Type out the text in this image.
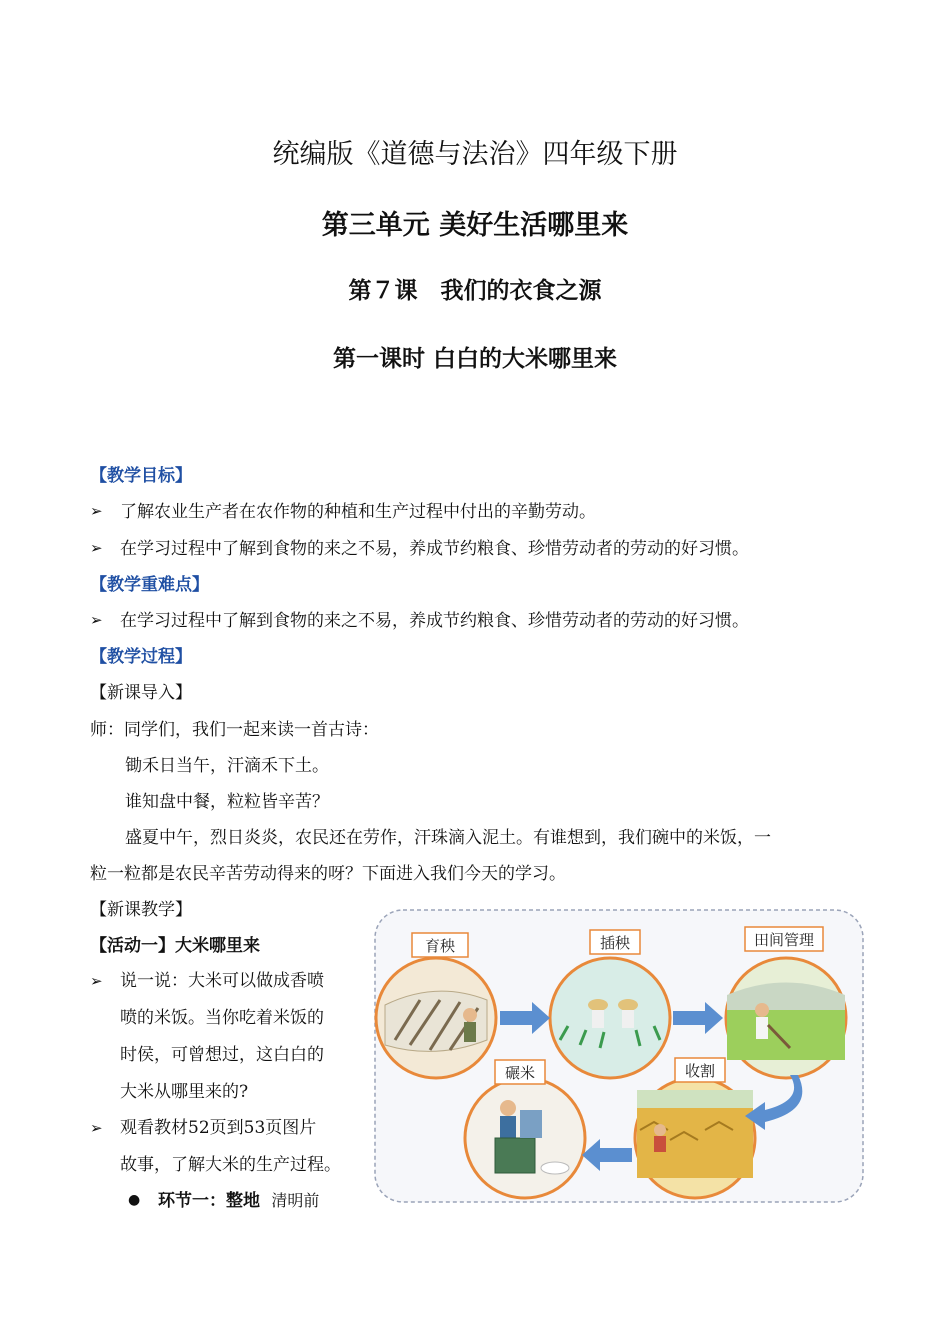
统编版《道德与法治》四年级下册
第三单元 美好生活哪里来
第７课　我们的衣食之源
第一课时 白白的大米哪里来
【教学目标】
➢ 了解农业生产者在农作物的种植和生产过程中付出的辛勤劳动。
➢ 在学习过程中了解到食物的来之不易，养成节约粮食、珍惜劳动者的劳动的好习惯。
【教学重难点】
➢ 在学习过程中了解到食物的来之不易，养成节约粮食、珍惜劳动者的劳动的好习惯。
【教学过程】
【新课导入】
师：同学们，我们一起来读一首古诗：
锄禾日当午，汗滴禾下土。
谁知盘中餐，粒粒皆辛苦？
盛夏中午，烈日炎炎，农民还在劳作，汗珠滴入泥土。有谁想到，我们碗中的米饭，一
粒一粒都是农民辛苦劳动得来的呀？下面进入我们今天的学习。
【新课教学】
【活动一】大米哪里来
➢ 说一说：大米可以做成香喷
喷的米饭。当你吃着米饭的
时侯，可曾想过，这白白的
大米从哪里来的?
➢ 观看教材52页到53页图片
故事，了解大米的生产过程。
● 环节一：整地 清明前
育秧	插秧	田间管理
碾米	收割
